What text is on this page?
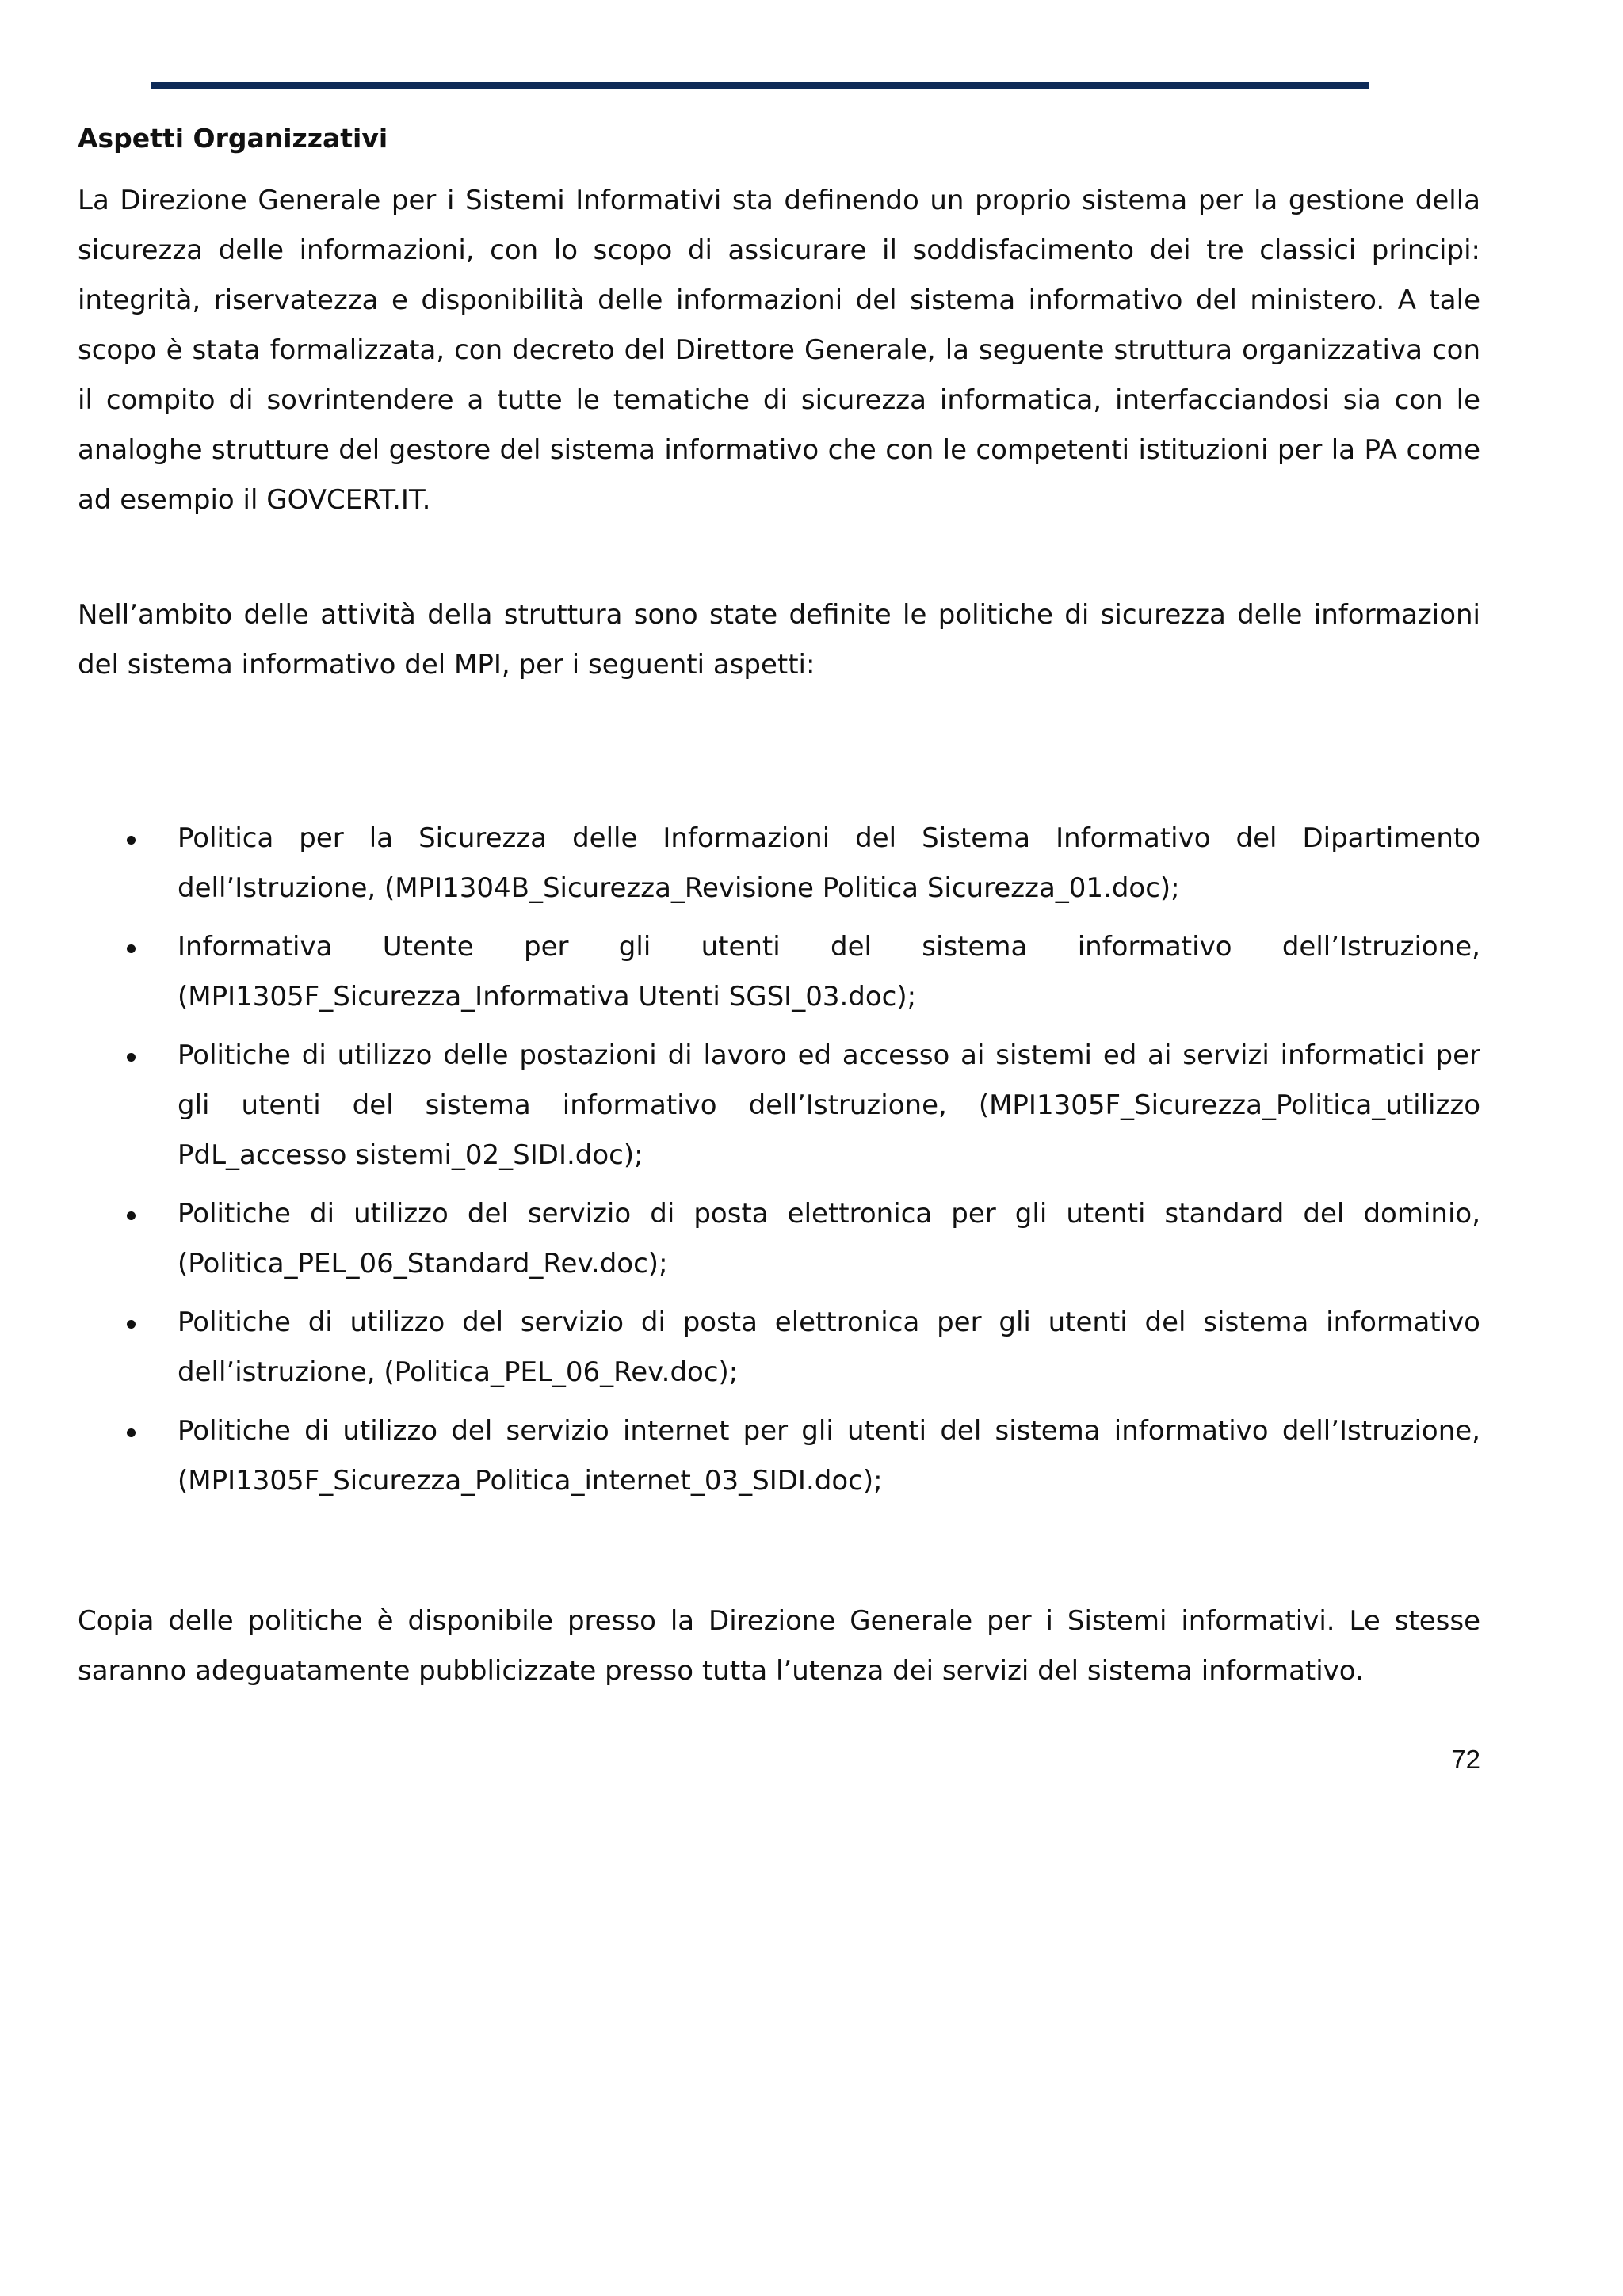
Aspetti Organizzativi

La Direzione Generale per i Sistemi Informativi sta definendo un proprio sistema per la gestione della sicurezza delle informazioni, con lo scopo di assicurare il soddisfacimento dei tre classici principi: integrità, riservatezza e disponibilità delle informazioni del sistema informativo del ministero. A tale scopo è stata formalizzata, con decreto del Direttore Generale, la seguente struttura organizzativa con il compito di sovrintendere a tutte le tematiche di sicurezza informatica, interfacciandosi sia con le analoghe strutture del gestore del sistema informativo che con le competenti istituzioni per la PA come ad esempio il GOVCERT.IT.

Nell’ambito delle attività della struttura sono state definite le politiche di sicurezza delle informazioni del sistema informativo del MPI, per i seguenti aspetti:

Politica per la Sicurezza delle Informazioni del Sistema Informativo del Dipartimento dell’Istruzione, (MPI1304B_Sicurezza_Revisione Politica Sicurezza_01.doc);
Informativa Utente per gli utenti del sistema informativo dell’Istruzione, (MPI1305F_Sicurezza_Informativa Utenti SGSI_03.doc);
Politiche di utilizzo delle postazioni di lavoro ed accesso ai sistemi ed ai servizi informatici per gli utenti del sistema informativo dell’Istruzione, (MPI1305F_Sicurezza_Politica_utilizzo PdL_accesso sistemi_02_SIDI.doc);
Politiche di utilizzo del servizio di posta elettronica per gli utenti standard del dominio, (Politica_PEL_06_Standard_Rev.doc);
Politiche di utilizzo del servizio di posta elettronica per gli utenti del sistema informativo dell’istruzione, (Politica_PEL_06_Rev.doc);
Politiche di utilizzo del servizio internet per gli utenti del sistema informativo dell’Istruzione, (MPI1305F_Sicurezza_Politica_internet_03_SIDI.doc);

Copia delle politiche è disponibile presso la Direzione Generale per i Sistemi informativi. Le stesse saranno adeguatamente pubblicizzate presso tutta l’utenza dei servizi del sistema informativo.

72
